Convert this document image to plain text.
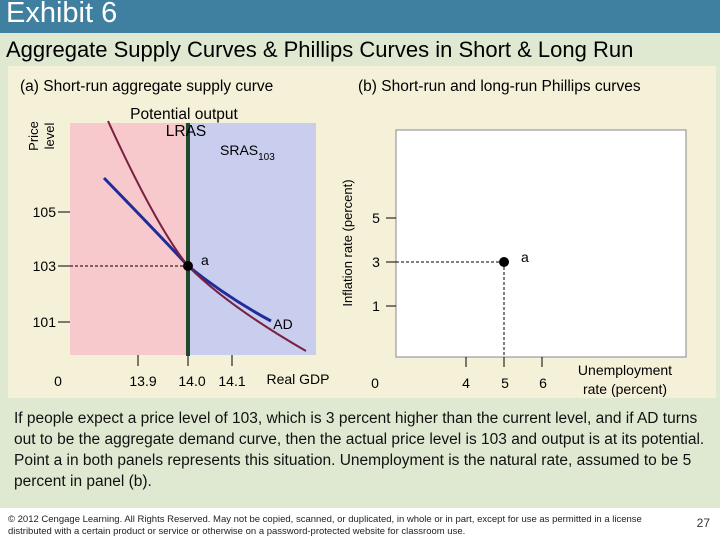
Exhibit 6
Aggregate Supply Curves & Phillips Curves in Short & Long Run
(a) Short-run aggregate supply curve
105
103
101
Price level
0	13.9 14.0 14.1 Real GDP
a
Potential output
LRAS
$SRAS_{103}$
AD
(b) Short-run and long-run Phillips curves
Inflation rate (percent) 5
3
1
0	4 5 6
Unemployment
rate (percent)
a
If people expect a price level of 103, which is 3 percent higher than the current level, and if AD turns out to be the aggregate demand curve, then the actual price level is 103 and output is at its potential. Point a in both panels represents this situation. Unemployment is the natural rate, assumed to be 5 percent in panel (b).
© 2012 Cengage Learning. All Rights Reserved. May not be copied, scanned, or duplicated, in whole or in part, except for use as permitted in a license distributed with a certain product or service or otherwise on a password-protected website for classroom use.
27
